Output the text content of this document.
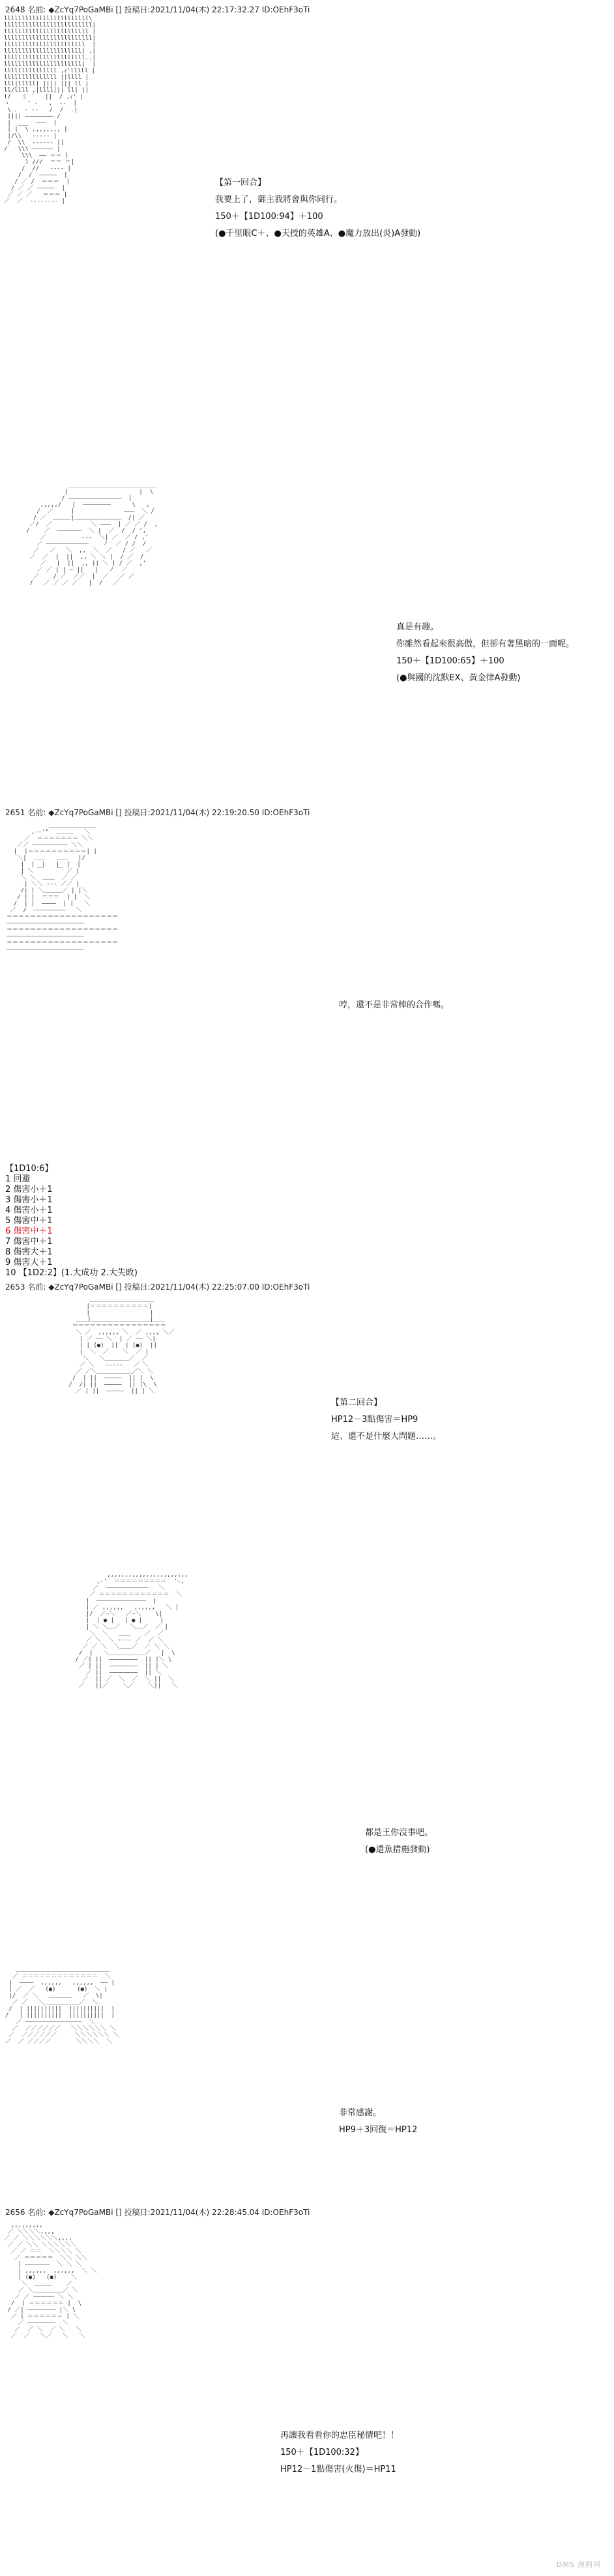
2648 名前: ◆ZcYq7PoGaMBi [] 投稿日:2021/11/04(木) 22:17:32.27 ID:OEhF3oTi
llllllllllllllllllllllll\
lllllllllllllllllllllllll|
llllllllllllllllllllllll |
lllllllllllllllllllllllll|
lllllllllllllllllllllll  |
llllllllllllllllllllll| .|
lllllllllllllllllllllll..|
llllllllllllllllllllll|  |
lllllllllllllll ,ｨ'lllll |
lllllllllllllll ||llll |
lll|lllll| |||| ||| ll |
ll/llll ,|llll||| ll| ||
l/   ミ ´   ||  / ,ｨ' |
ヽ     ' ‐   ,  ‐‐  |
\ ､  ‐ --   /  /  .|
|||| ―――――――― /
|  ___  ―――  |
| |  \ ,,,,,,,, |
|/\\   ‐‐‐‐‐ |
/  \\  ‐‐‐‐‐‐ ||
/   \\\ ―――――― |
\\\  ―― ＝＝ |
) ///  ＝＝ ＝|
/  //   ‐‐‐‐ |
/  /  ―――――  |
/ ／ /  ＝＝＝  |
/ ／ ／ ―――――  |
／ ／ ／   ＝＝＝ |
／  ／  ‐‐‐‐‐‐‐‐ |
【第一回合】
我要上了，御主我將會與你同行。
150＋【1D100:94】＋100
(●千里眼C＋、●天授的英雄A、●魔力放出(炎)A發動)
＿＿＿＿＿＿＿＿＿＿＿＿＿＿＿
|                    |  \
/ ―――――――――――――――  |
,,,,,/   |  ――――――――      \   ,
/  ／     |              ―――  ＼ /
/ ／  ＿＿＿|＿＿＿＿＿＿＿＿  /| ／
／/  ／           ＼ ―――  | ／ ／ /  ,
/    ／  ―――――――  ＼ |  ／  /  / ',
／          ‐‐‐  ＼| ／  ／ / ,'
／ ――――――――――――    ノ  ／ / /  /
／   ／   ＼  ,,  ＼  ／   / ／   ／
／  ／  |  ||  ,, ＼ ＼ |  / ／  /
／   |  ||  ,, || ＼ | / ／  ,'
／ ／ | | ― ||   |   ノ  ／
／    / ／  ／／  |  ／   ／ ／
/   ／ ／ ／ ／   |  /   ／
真是有趣。
你雖然看起來很高傲，但卻有著黑暗的一面呢。
150＋【1D100:65】＋100
(●與國的沈默EX、黃金律A發動)
2651 名前: ◆ZcYq7PoGaMBi [] 投稿日:2021/11/04(木) 22:19:20.50 ID:OEhF3oTi
＿＿＿＿＿＿＿＿
,-‐'"  ＿＿＿   ＼
／  ＝＝＝＝＝＝＝ ＼＼
／／ ―――――――――― ＼＼
|  |＝＝＝＝＝＝＝＝＝＝| |
＼|  ＿＿   ＿＿   |/
|  |  |   |  |  |
| ＼ ￣    ￣ ／ |
＼ ＼  ＿＿  ／ ／
| ＼＼ ‐‐‐ ／／ |
/| | ＼＿＿＿／ | |＼
/ | |  ＝＝＝  | |  ＼
/  | |  ――――  | |   ＼
／  /  ―――――――――   ＼
＝＝＝＝＝＝＝＝＝＝＝＝＝＝＝＝＝＝＝
――――――――――――――――――――――
＝＝＝＝＝＝＝＝＝＝＝＝＝＝＝＝＝＝＝
――――――――――――――――――――――
＝＝＝＝＝＝＝＝＝＝＝＝＝＝＝＝＝＝＝
――――――――――――――――――――――
哼，還不是非常棒的合作嗎。
【1D10:6】
1 回避
2 傷害小＋1
3 傷害小＋1
4 傷害小＋1
5 傷害中＋1
6 傷害中＋1
7 傷害中＋1
8 傷害大＋1
9 傷害大＋1
10 【1D2:2】(1.大成功 2.大失敗)
2653 名前: ◆ZcYq7PoGaMBi [] 投稿日:2021/11/04(木) 22:25:07.00 ID:OEhF3oTi
＿＿＿＿＿＿＿＿＿＿＿
|＝＝＝＝＝＝＝＝＝＝|
|                 |
＿＿|＿＿＿＿＿＿＿＿＿＿|＿＿
＝＝＝＝＝＝＝＝＝＝＝＝＝＝＝＝
＼ ／  ,,,,,, ＼  ／ ,,,, ＼／
| ／ ―― ＼  | ／ ―― ＼|
| | (●)  ||  | (●)  ||
|  ＼  ／    ＼  ／ |
＼   ＼＿＿＿＿／  ／
／ ＼   ‐‐‐‐‐   ／ ＼
／ ／＼＿＿＿＿＿＿／＼ ＼
/  | ||  ―――――  || |  \
/  /| ||  ―――――  || |\  \
／ | ||  ―――――  || | ＼
【第二回合】
HP12－3點傷害＝HP9
這、還不是什麼大問題……。
,,,,,,,,,,,,,,,,,,,,,,,
,‐'  ＝＝＝＝＝＝＝＝＝  '‐,
／  ――――――――――――   ＼
／ ＝＝＝＝＝＝＝＝＝＝＝＝  ＼
|  ――――――――――――――  |
| ／ ,,,,,,   ,,,,,,   ＼ |
|/  ／―＼   ／―＼    \|
|  | ● |   | ● |     |
| ＼ ＼＿／   ＼＿／  ／ |
＼  ＼   ＿＿    ／  ／
／ ＼  ＼ ‐‐‐‐ ／  ／ ＼
／ ／ ＼  ＼＿＿／  ／ ＼ ＼
/  |   ＼＿＿＿＿＿＿／   |  \
/ ／| ||  ――――――――  || |＼ \
／ | ||  ――――――――  || | ＼
／ ||  ――――――――  || ＼
／  || ／  ＼  ／  ＼ ||  ＼
／   ||／    ＼／    ＼||   ＼
都是王你沒事吧。
(●還魚措施發動)
＿＿＿＿＿＿＿＿＿＿＿＿＿＿＿＿
／ ＝＝＝＝＝＝＝＝＝＝＝＝＝  ＼
|  ――――  ,,,,,,   ,,,,,,  ―― |
| ／  ／   (●)      (●)  ＼ |
|/  ／ ＼   ＿＿＿＿   ／  \|
／ ／   ＼＿＿＿＿＿＿／  ＼
/  | ||||||||||  ||||||||||  |
/   | ||||||||||  ||||||||||  |
／ ――――――――――――――――  ＼
／  ／／／／／／   ＼＼＼＼＼＼ ＼
／  ／／／／／／     ＼＼＼＼＼＼ ＼
／  ／ ／／／／       ＼＼＼＼  ＼
非常感謝。
HP9＋3回復＝HP12
2656 名前: ◆ZcYq7PoGaMBi [] 投稿日:2021/11/04(木) 22:28:45.04 ID:OEhF3oTi
,,,,,,,,,
／ ＼＼＼＼,,,,
／ ／ ＼＼＼＼＼＼,,,,
／ ／ ＼＼ ＼＼＼＼＼＼
／ ／ ＝＝  ＼＼＼＼ ＼
／ ＝＝＝＝＝  ＼＼ ＼＼
| ―――――――  ＼ ＼ ＼
| ,,,,,,  ,,,,,,  ＼ ＼
| (●)   (●)    ＼
＼  ＿＿＿    ／
／ ＼＿＿＿＿＿／ ＼
／ ／ ―――――― ＼ ＼
/  | ＝＝＝＝＝＝ |  \
/ ／| ―――――――― |＼ \
／ | ＝＝＝＝＝＝ | ＼
／ ――――――――  ＼
／  ／ ＼  ／ ＼   ＼
／  ／   ＼／   ＼   ＼
再讓我看看你的忠臣秘情吧！！
150＋【1D100:32】
HP12－1點傷害(火傷)＝HP11
DMS 漫画网
